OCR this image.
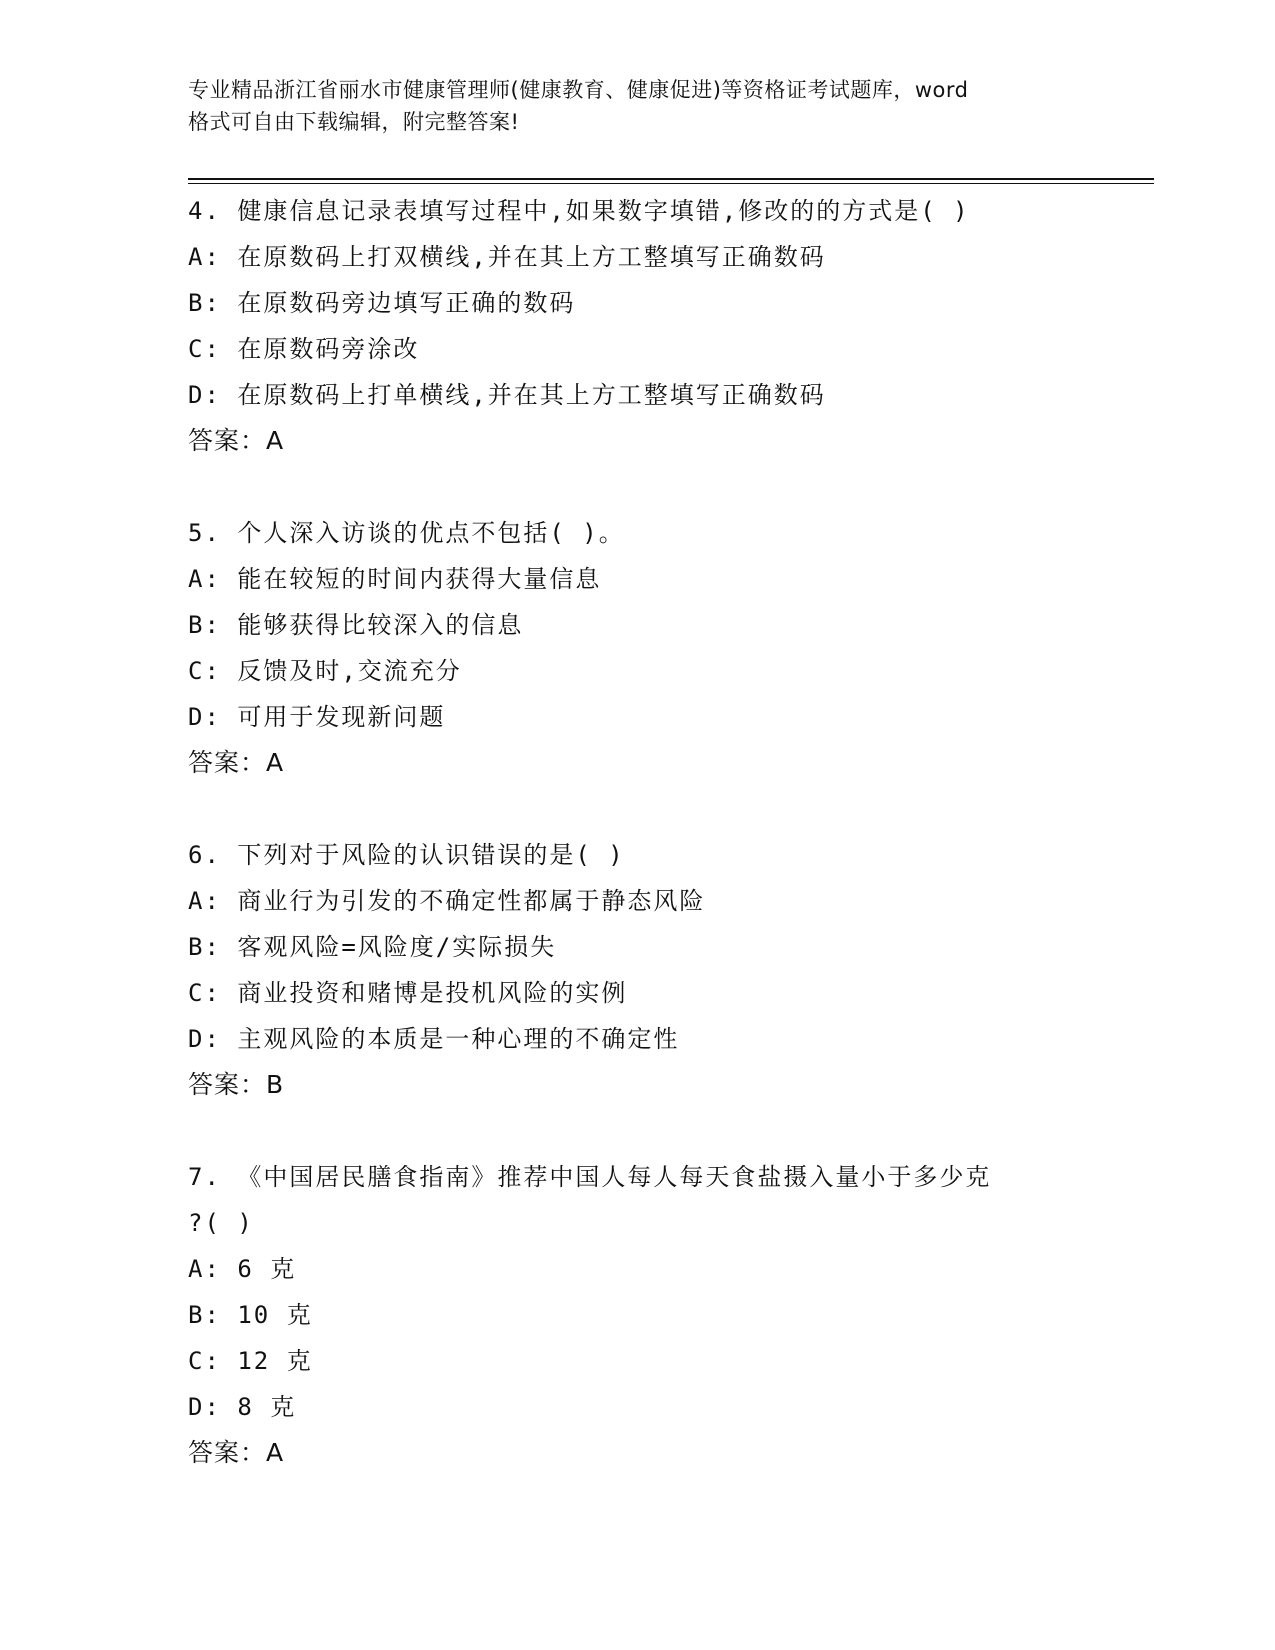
专业精品浙江省丽水市健康管理师(健康教育、健康促进)等资格证考试题库，word
格式可自由下载编辑，附完整答案!
4. 健康信息记录表填写过程中,如果数字填错,修改的的方式是( )
A: 在原数码上打双横线,并在其上方工整填写正确数码
B: 在原数码旁边填写正确的数码
C: 在原数码旁涂改
D: 在原数码上打单横线,并在其上方工整填写正确数码
答案：A
5. 个人深入访谈的优点不包括( )。
A: 能在较短的时间内获得大量信息
B: 能够获得比较深入的信息
C: 反馈及时,交流充分
D: 可用于发现新问题
答案：A
6. 下列对于风险的认识错误的是( )
A: 商业行为引发的不确定性都属于静态风险
B: 客观风险=风险度/实际损失
C: 商业投资和赌博是投机风险的实例
D: 主观风险的本质是一种心理的不确定性
答案：B
7. 《中国居民膳食指南》推荐中国人每人每天食盐摄入量小于多少克
?( )
A: 6 克
B: 10 克
C: 12 克
D: 8 克
答案：A
